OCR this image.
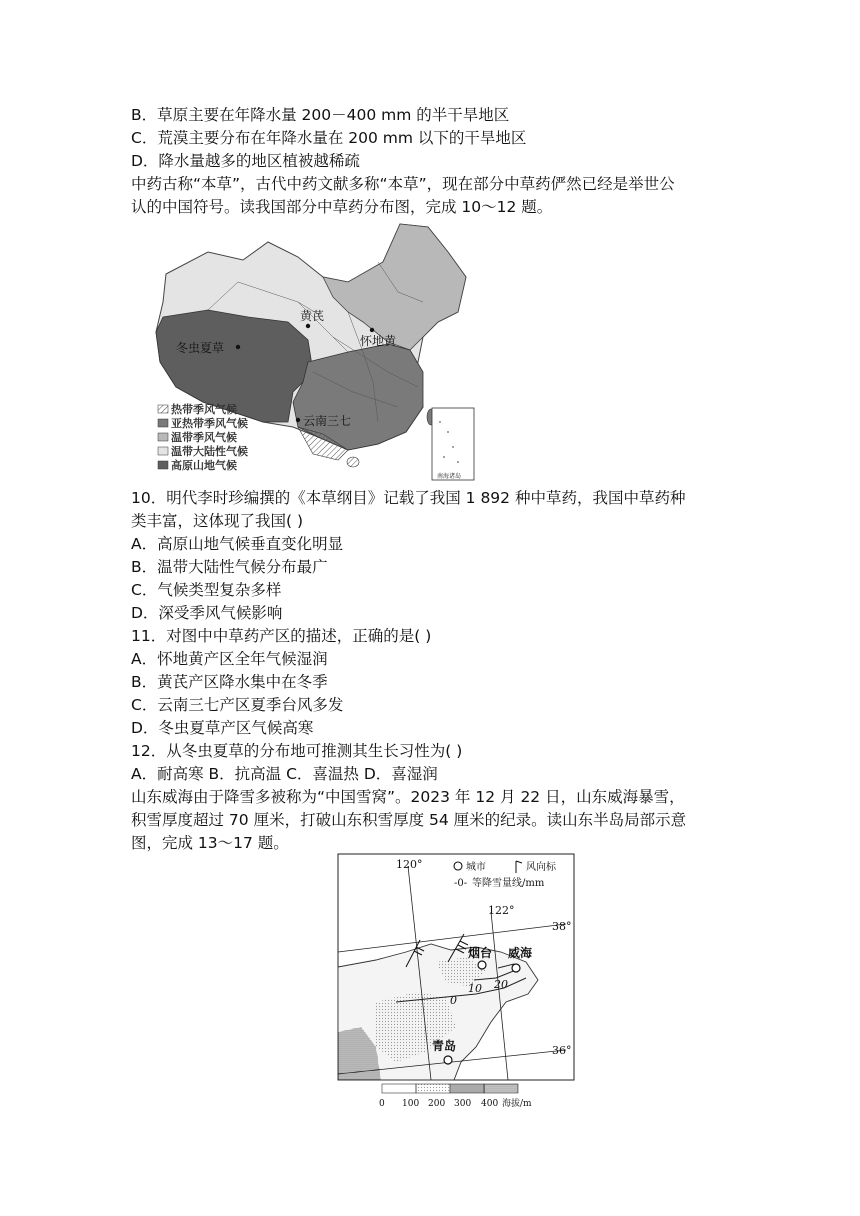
B．草原主要在年降水量 200－400 mm 的半干旱地区
C．荒漠主要分布在年降水量在 200 mm 以下的干旱地区
D．降水量越多的地区植被越稀疏
中药古称“本草”，古代中药文献多称“本草”，现在部分中草药俨然已经是举世公
认的中国符号。读我国部分中草药分布图，完成 10～12 题。
热带季风气候
亚热带季风气候
温带季风气候
温带大陆性气候
高原山地气候
黄芪
冬虫夏草	怀地黄
云南三七
南海诸岛
10．明代李时珍编撰的《本草纲目》记载了我国 1 892 种中草药，我国中草药种
类丰富，这体现了我国( )
A．高原山地气候垂直变化明显
B．温带大陆性气候分布最广
C．气候类型复杂多样
D．深受季风气候影响
11．对图中中草药产区的描述，正确的是( )
A．怀地黄产区全年气候湿润
B．黄芪产区降水集中在冬季
C．云南三七产区夏季台风多发
D．冬虫夏草产区气候高寒
12．从冬虫夏草的分布地可推测其生长习性为( )
A．耐高寒 B．抗高温 C．喜温热 D．喜湿润
山东威海由于降雪多被称为“中国雪窝”。2023 年 12 月 22 日，山东威海暴雪，
积雪厚度超过 70 厘米，打破山东积雪厚度 54 厘米的纪录。读山东半岛局部示意
图，完成 13～17 题。
120°
122°
38°
36°
0
10 20
烟台 威海
青岛
城市	风向标
-0- 等降雪量线/mm
0 100 200 300 400 海拔/m
